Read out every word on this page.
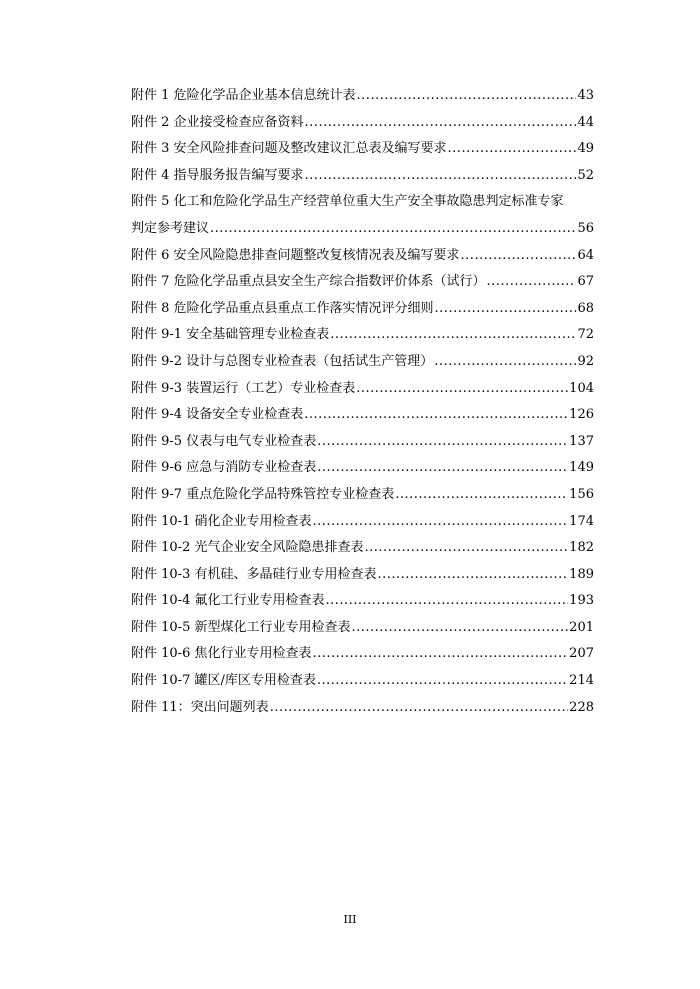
附件 1 危险化学品企业基本信息统计表 .....	43
附件 2 企业接受检查应备资料 .....	44
附件 3 安全风险排查问题及整改建议汇总表及编写要求 .....	49
附件 4 指导服务报告编写要求 .....	52
附件 5 化工和危险化学品生产经营单位重大生产安全事故隐患判定标准专家
判定参考建议 .....	56
附件 6 安全风险隐患排查问题整改复核情况表及编写要求 .....	64
附件 7 危险化学品重点县安全生产综合指数评价体系（试行） .....	67
附件 8 危险化学品重点县重点工作落实情况评分细则 .....	68
附件 9-1 安全基础管理专业检查表 .....	72
附件 9-2 设计与总图专业检查表（包括试生产管理） .....	92
附件 9-3 装置运行（工艺）专业检查表 .....	104
附件 9-4 设备安全专业检查表 .....	126
附件 9-5 仪表与电气专业检查表 .....	137
附件 9-6 应急与消防专业检查表 .....	149
附件 9-7 重点危险化学品特殊管控专业检查表 .....	156
附件 10-1 硝化企业专用检查表 .....	174
附件 10-2 光气企业安全风险隐患排查表 .....	182
附件 10-3 有机硅、多晶硅行业专用检查表 .....	189
附件 10-4 氟化工行业专用检查表 .....	193
附件 10-5 新型煤化工行业专用检查表 .....	201
附件 10-6 焦化行业专用检查表 .....	207
附件 10-7 罐区/库区专用检查表 .....	214
附件 11：突出问题列表 .....	228
III
